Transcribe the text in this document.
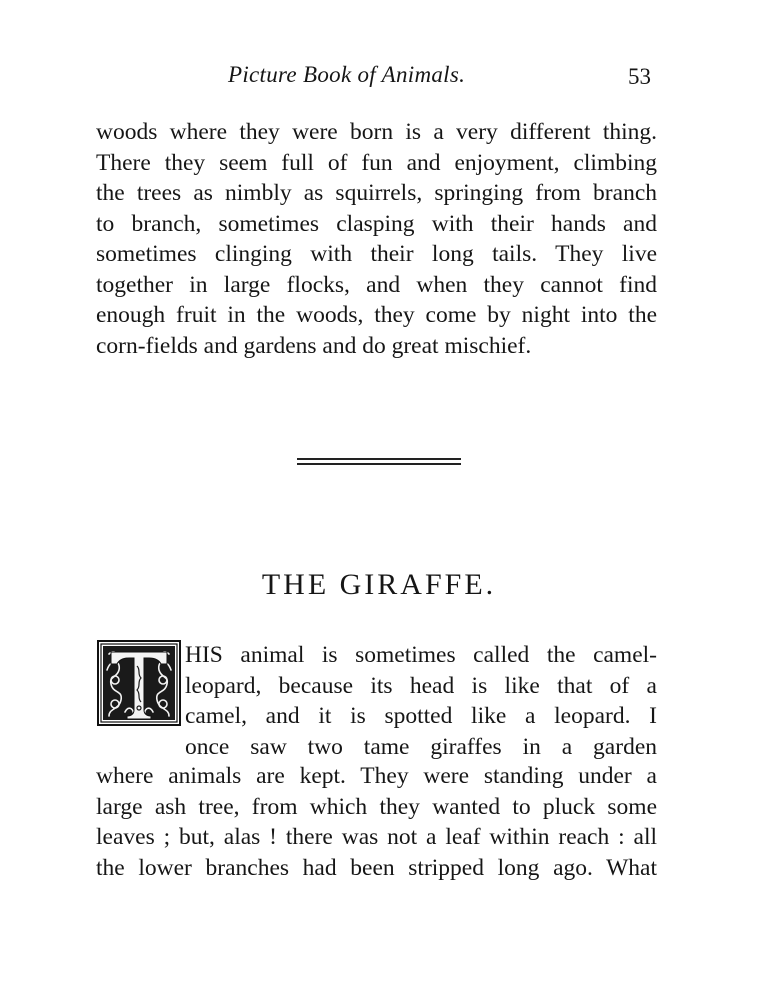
Picture Book of Animals.	53
woods where they were born is a very different thing.
There they seem full of fun and enjoyment, climbing
the trees as nimbly as squirrels, springing from branch
to branch, sometimes clasping with their hands and
sometimes clinging with their long tails. They live
together in large flocks, and when they cannot find
enough fruit in the woods, they come by night into the
corn-fields and gardens and do great mischief.
THE GIRAFFE.
HIS animal is sometimes called the camel-
leopard, because its head is like that of a
camel, and it is spotted like a leopard. I
once saw two tame giraffes in a garden
where animals are kept. They were standing under a
large ash tree, from which they wanted to pluck some
leaves ; but, alas ! there was not a leaf within reach : all
the lower branches had been stripped long ago. What
